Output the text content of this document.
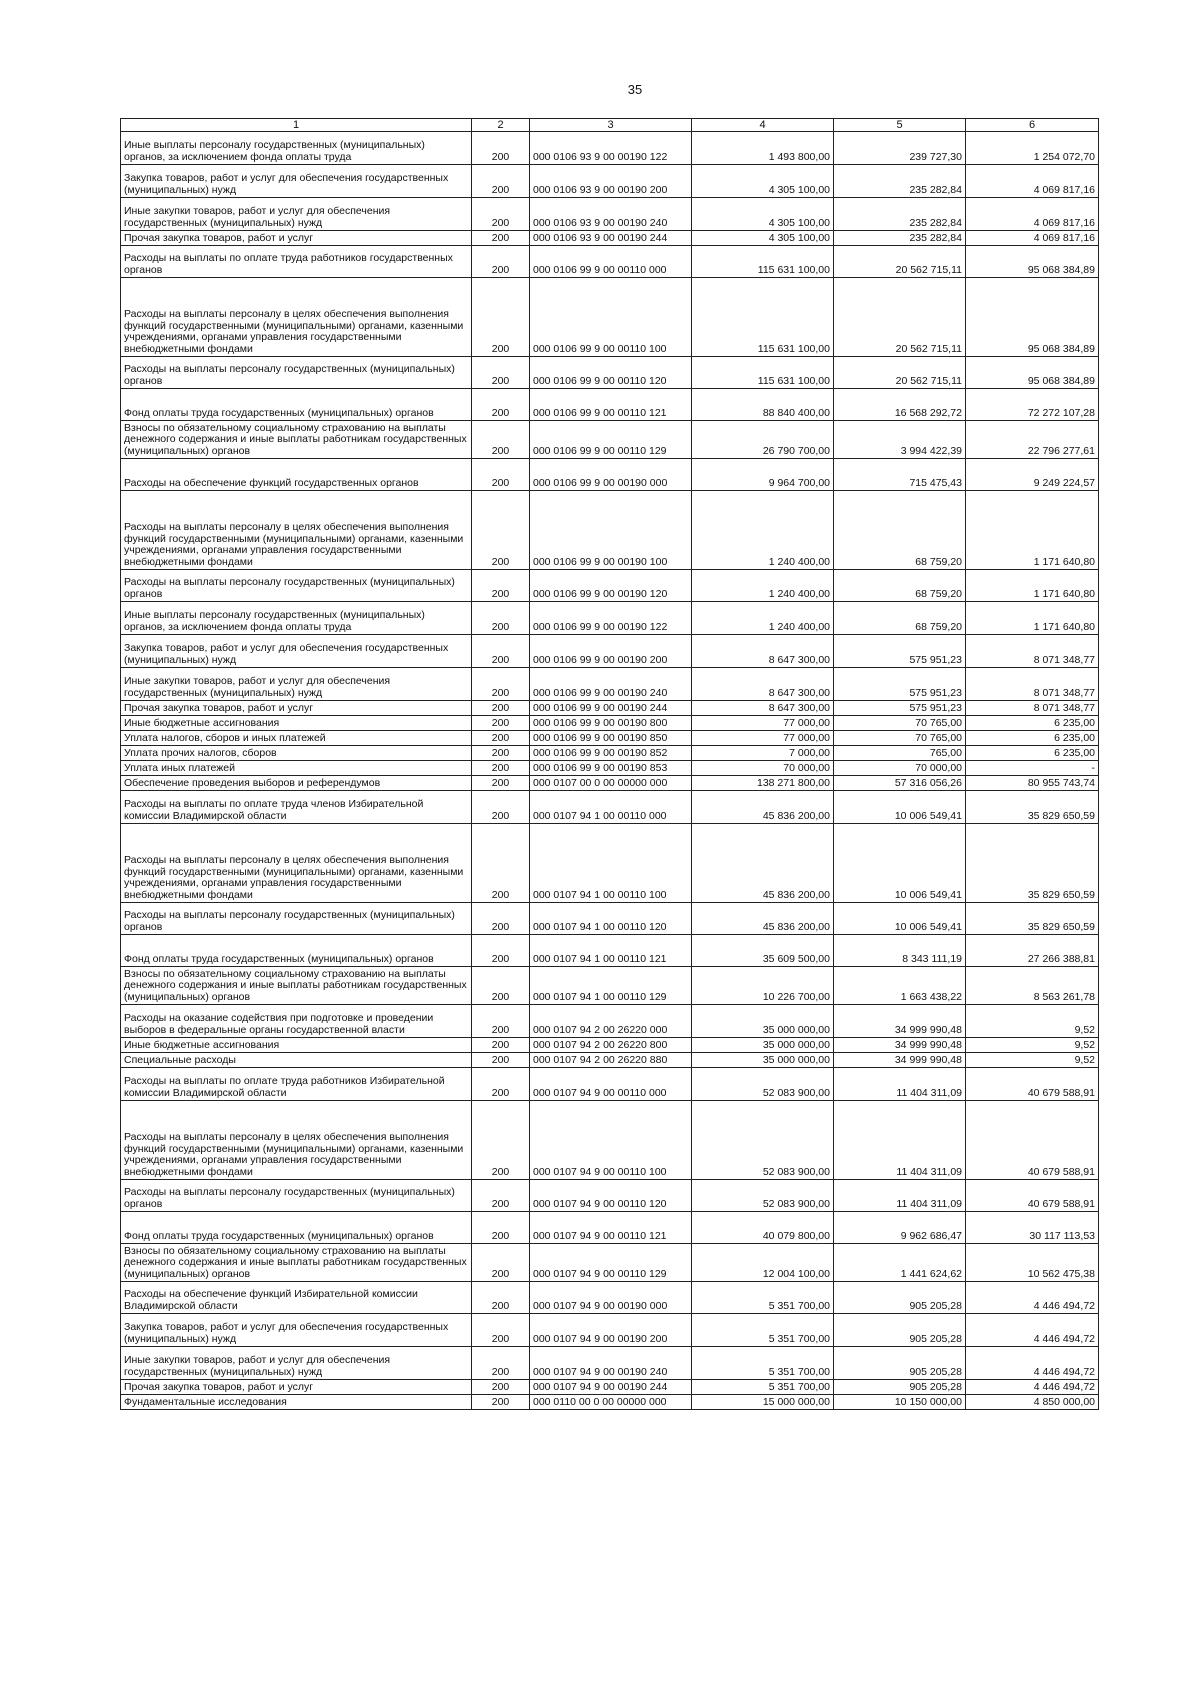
35
1	2	3	4	5	6
Иные выплаты персоналу государственных (муниципальных) органов, за исключением фонда оплаты труда	200	000 0106 93 9 00 00190 122	1 493 800,00	239 727,30	1 254 072,70
Закупка товаров, работ и услуг для обеспечения государственных (муниципальных) нужд	200	000 0106 93 9 00 00190 200	4 305 100,00	235 282,84	4 069 817,16
Иные закупки товаров, работ и услуг для обеспечения государственных (муниципальных) нужд	200	000 0106 93 9 00 00190 240	4 305 100,00	235 282,84	4 069 817,16
Прочая закупка товаров, работ и услуг	200	000 0106 93 9 00 00190 244	4 305 100,00	235 282,84	4 069 817,16
Расходы на выплаты по оплате труда работников государственных органов	200	000 0106 99 9 00 00110 000	115 631 100,00	20 562 715,11	95 068 384,89
Расходы на выплаты персоналу в целях обеспечения выполнения функций государственными (муниципальными) органами, казенными учреждениями, органами управления государственными внебюджетными фондами	200	000 0106 99 9 00 00110 100	115 631 100,00	20 562 715,11	95 068 384,89
Расходы на выплаты персоналу государственных (муниципальных) органов	200	000 0106 99 9 00 00110 120	115 631 100,00	20 562 715,11	95 068 384,89
Фонд оплаты труда государственных (муниципальных) органов	200	000 0106 99 9 00 00110 121	88 840 400,00	16 568 292,72	72 272 107,28
Взносы по обязательному социальному страхованию на выплаты денежного содержания и иные выплаты работникам государственных (муниципальных) органов	200	000 0106 99 9 00 00110 129	26 790 700,00	3 994 422,39	22 796 277,61
Расходы на обеспечение функций государственных органов	200	000 0106 99 9 00 00190 000	9 964 700,00	715 475,43	9 249 224,57
Расходы на выплаты персоналу в целях обеспечения выполнения функций государственными (муниципальными) органами, казенными учреждениями, органами управления государственными внебюджетными фондами	200	000 0106 99 9 00 00190 100	1 240 400,00	68 759,20	1 171 640,80
Расходы на выплаты персоналу государственных (муниципальных) органов	200	000 0106 99 9 00 00190 120	1 240 400,00	68 759,20	1 171 640,80
Иные выплаты персоналу государственных (муниципальных) органов, за исключением фонда оплаты труда	200	000 0106 99 9 00 00190 122	1 240 400,00	68 759,20	1 171 640,80
Закупка товаров, работ и услуг для обеспечения государственных (муниципальных) нужд	200	000 0106 99 9 00 00190 200	8 647 300,00	575 951,23	8 071 348,77
Иные закупки товаров, работ и услуг для обеспечения государственных (муниципальных) нужд	200	000 0106 99 9 00 00190 240	8 647 300,00	575 951,23	8 071 348,77
Прочая закупка товаров, работ и услуг	200	000 0106 99 9 00 00190 244	8 647 300,00	575 951,23	8 071 348,77
Иные бюджетные ассигнования	200	000 0106 99 9 00 00190 800	77 000,00	70 765,00	6 235,00
Уплата налогов, сборов и иных платежей	200	000 0106 99 9 00 00190 850	77 000,00	70 765,00	6 235,00
Уплата прочих налогов, сборов	200	000 0106 99 9 00 00190 852	7 000,00	765,00	6 235,00
Уплата иных платежей	200	000 0106 99 9 00 00190 853	70 000,00	70 000,00	-
Обеспечение проведения выборов и референдумов	200	000 0107 00 0 00 00000 000	138 271 800,00	57 316 056,26	80 955 743,74
Расходы на выплаты по оплате труда членов Избирательной комиссии Владимирской области	200	000 0107 94 1 00 00110 000	45 836 200,00	10 006 549,41	35 829 650,59
Расходы на выплаты персоналу в целях обеспечения выполнения функций государственными (муниципальными) органами, казенными учреждениями, органами управления государственными внебюджетными фондами	200	000 0107 94 1 00 00110 100	45 836 200,00	10 006 549,41	35 829 650,59
Расходы на выплаты персоналу государственных (муниципальных) органов	200	000 0107 94 1 00 00110 120	45 836 200,00	10 006 549,41	35 829 650,59
Фонд оплаты труда государственных (муниципальных) органов	200	000 0107 94 1 00 00110 121	35 609 500,00	8 343 111,19	27 266 388,81
Взносы по обязательному социальному страхованию на выплаты денежного содержания и иные выплаты работникам государственных (муниципальных) органов	200	000 0107 94 1 00 00110 129	10 226 700,00	1 663 438,22	8 563 261,78
Расходы на оказание содействия при подготовке и проведении выборов в федеральные органы государственной власти	200	000 0107 94 2 00 26220 000	35 000 000,00	34 999 990,48	9,52
Иные бюджетные ассигнования	200	000 0107 94 2 00 26220 800	35 000 000,00	34 999 990,48	9,52
Специальные расходы	200	000 0107 94 2 00 26220 880	35 000 000,00	34 999 990,48	9,52
Расходы на выплаты по оплате труда работников Избирательной комиссии Владимирской области	200	000 0107 94 9 00 00110 000	52 083 900,00	11 404 311,09	40 679 588,91
Расходы на выплаты персоналу в целях обеспечения выполнения функций государственными (муниципальными) органами, казенными учреждениями, органами управления государственными внебюджетными фондами	200	000 0107 94 9 00 00110 100	52 083 900,00	11 404 311,09	40 679 588,91
Расходы на выплаты персоналу государственных (муниципальных) органов	200	000 0107 94 9 00 00110 120	52 083 900,00	11 404 311,09	40 679 588,91
Фонд оплаты труда государственных (муниципальных) органов	200	000 0107 94 9 00 00110 121	40 079 800,00	9 962 686,47	30 117 113,53
Взносы по обязательному социальному страхованию на выплаты денежного содержания и иные выплаты работникам государственных (муниципальных) органов	200	000 0107 94 9 00 00110 129	12 004 100,00	1 441 624,62	10 562 475,38
Расходы на обеспечение функций Избирательной комиссии Владимирской области	200	000 0107 94 9 00 00190 000	5 351 700,00	905 205,28	4 446 494,72
Закупка товаров, работ и услуг для обеспечения государственных (муниципальных) нужд	200	000 0107 94 9 00 00190 200	5 351 700,00	905 205,28	4 446 494,72
Иные закупки товаров, работ и услуг для обеспечения государственных (муниципальных) нужд	200	000 0107 94 9 00 00190 240	5 351 700,00	905 205,28	4 446 494,72
Прочая закупка товаров, работ и услуг	200	000 0107 94 9 00 00190 244	5 351 700,00	905 205,28	4 446 494,72
Фундаментальные исследования	200	000 0110 00 0 00 00000 000	15 000 000,00	10 150 000,00	4 850 000,00
